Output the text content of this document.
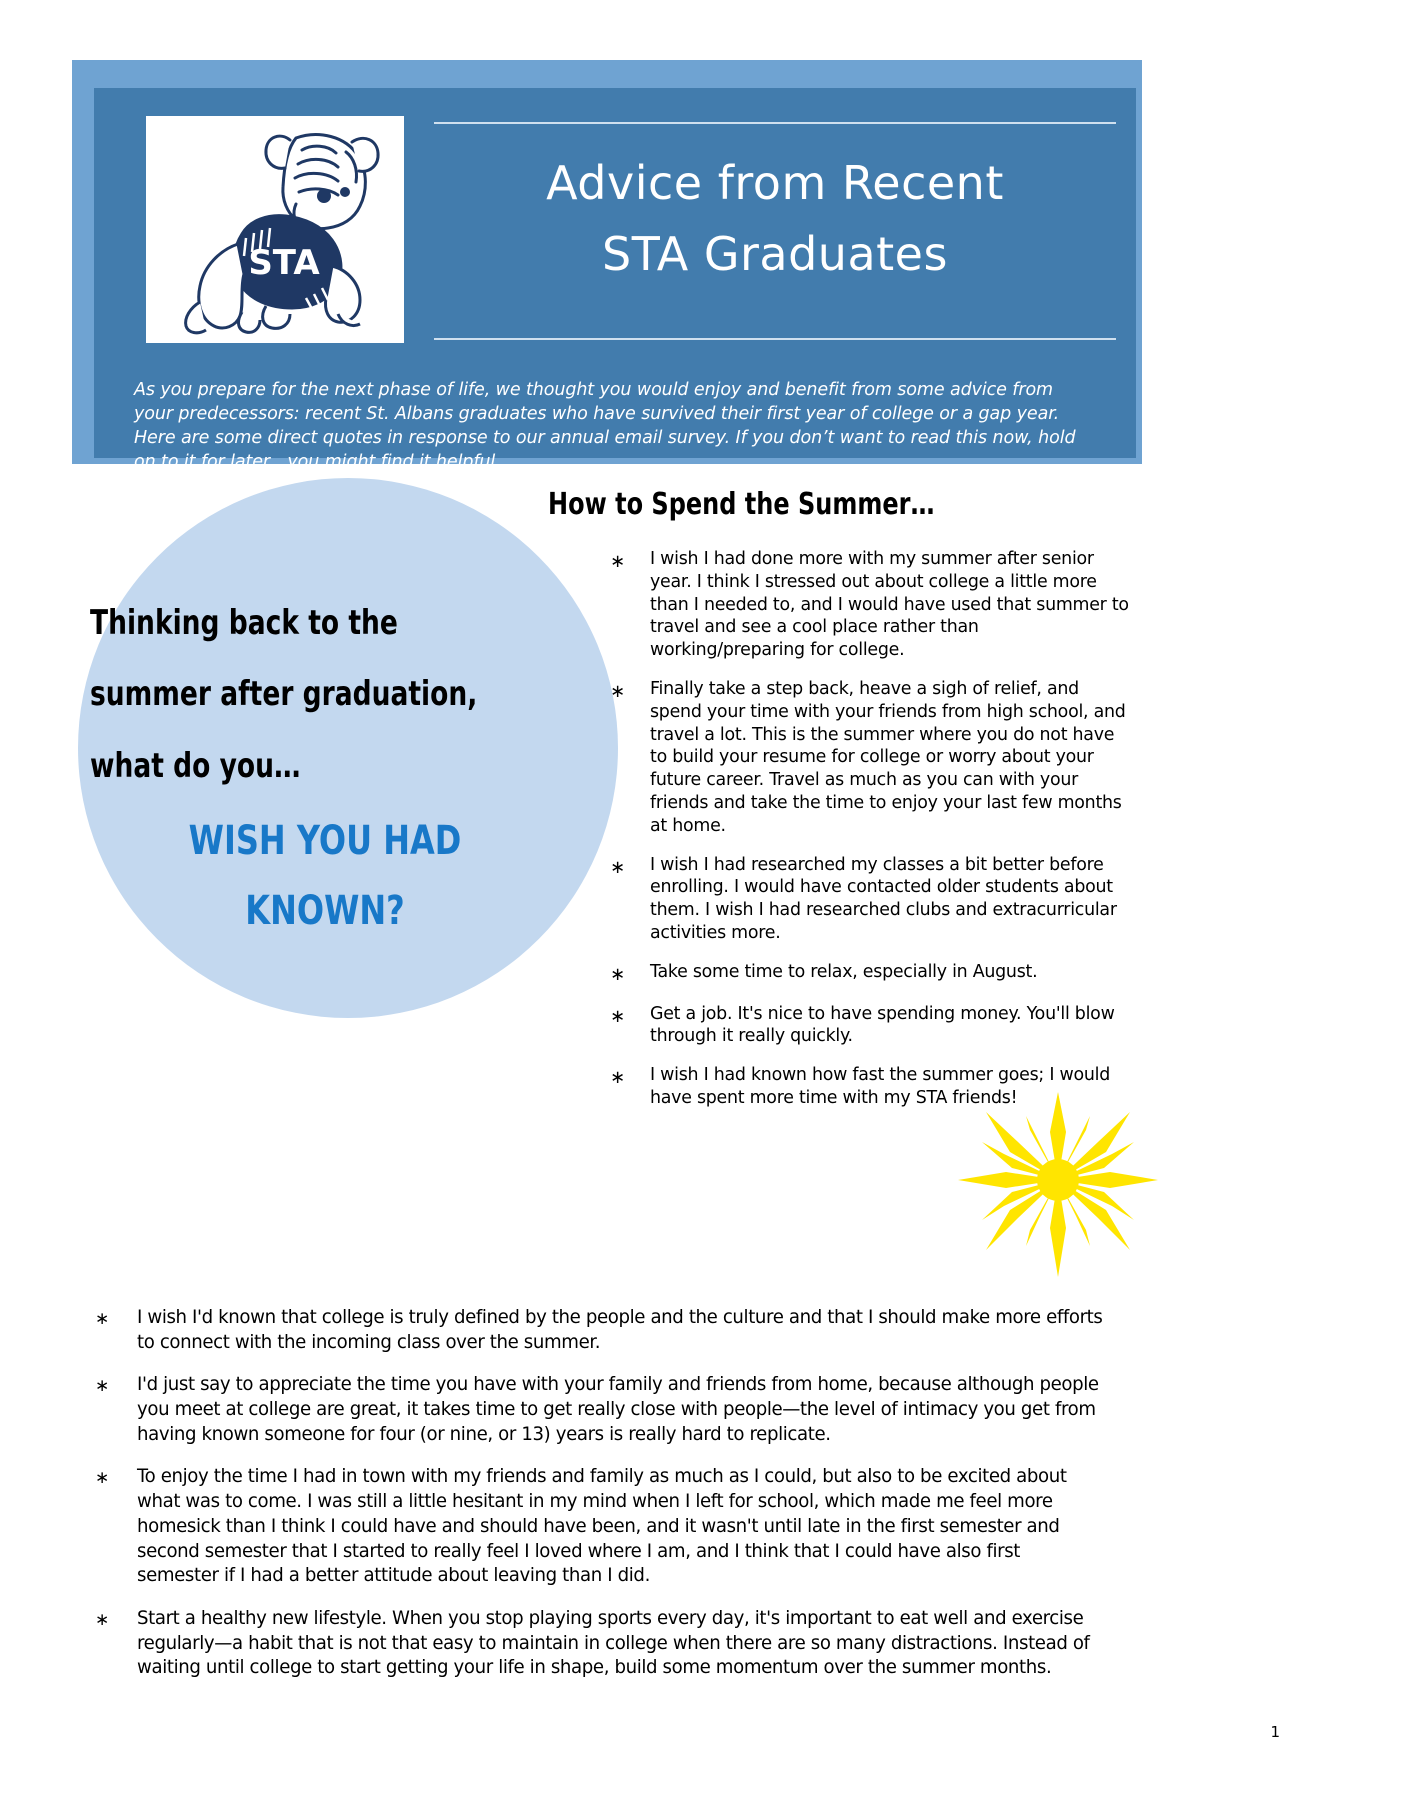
STA
Advice from Recent
STA Graduates

As you prepare for the next phase of life, we thought you would enjoy and benefit from some advice from your predecessors: recent St. Albans graduates who have survived their first year of college or a gap year. Here are some direct quotes in response to our annual email survey. If you don’t want to read this now, hold on to it for later…you might find it helpful.

Thinking back to the
summer after graduation,
what do you…
WISH YOU HAD
KNOWN?
How to Spend the Summer…
∗	I wish I had done more with my summer after senior year. I think I stressed out about college a little more than I needed to, and I would have used that summer to travel and see a cool place rather than working/preparing for college.
∗	Finally take a step back, heave a sigh of relief, and spend your time with your friends from high school, and travel a lot. This is the summer where you do not have to build your resume for college or worry about your future career. Travel as much as you can with your friends and take the time to enjoy your last few months at home.
∗	I wish I had researched my classes a bit better before enrolling. I would have contacted older students about them. I wish I had researched clubs and extracurricular activities more.
∗	Take some time to relax, especially in August.
∗	Get a job. It's nice to have spending money. You'll blow through it really quickly.
∗	I wish I had known how fast the summer goes; I would have spent more time with my STA friends!
∗	I wish I'd known that college is truly defined by the people and the culture and that I should make more efforts to connect with the incoming class over the summer.
∗	I'd just say to appreciate the time you have with your family and friends from home, because although people you meet at college are great, it takes time to get really close with people—the level of intimacy you get from having known someone for four (or nine, or 13) years is really hard to replicate.
∗	To enjoy the time I had in town with my friends and family as much as I could, but also to be excited about what was to come. I was still a little hesitant in my mind when I left for school, which made me feel more homesick than I think I could have and should have been, and it wasn't until late in the first semester and second semester that I started to really feel I loved where I am, and I think that I could have also first semester if I had a better attitude about leaving than I did.
∗	Start a healthy new lifestyle. When you stop playing sports every day, it's important to eat well and exercise regularly—a habit that is not that easy to maintain in college when there are so many distractions. Instead of waiting until college to start getting your life in shape, build some momentum over the summer months.
1
